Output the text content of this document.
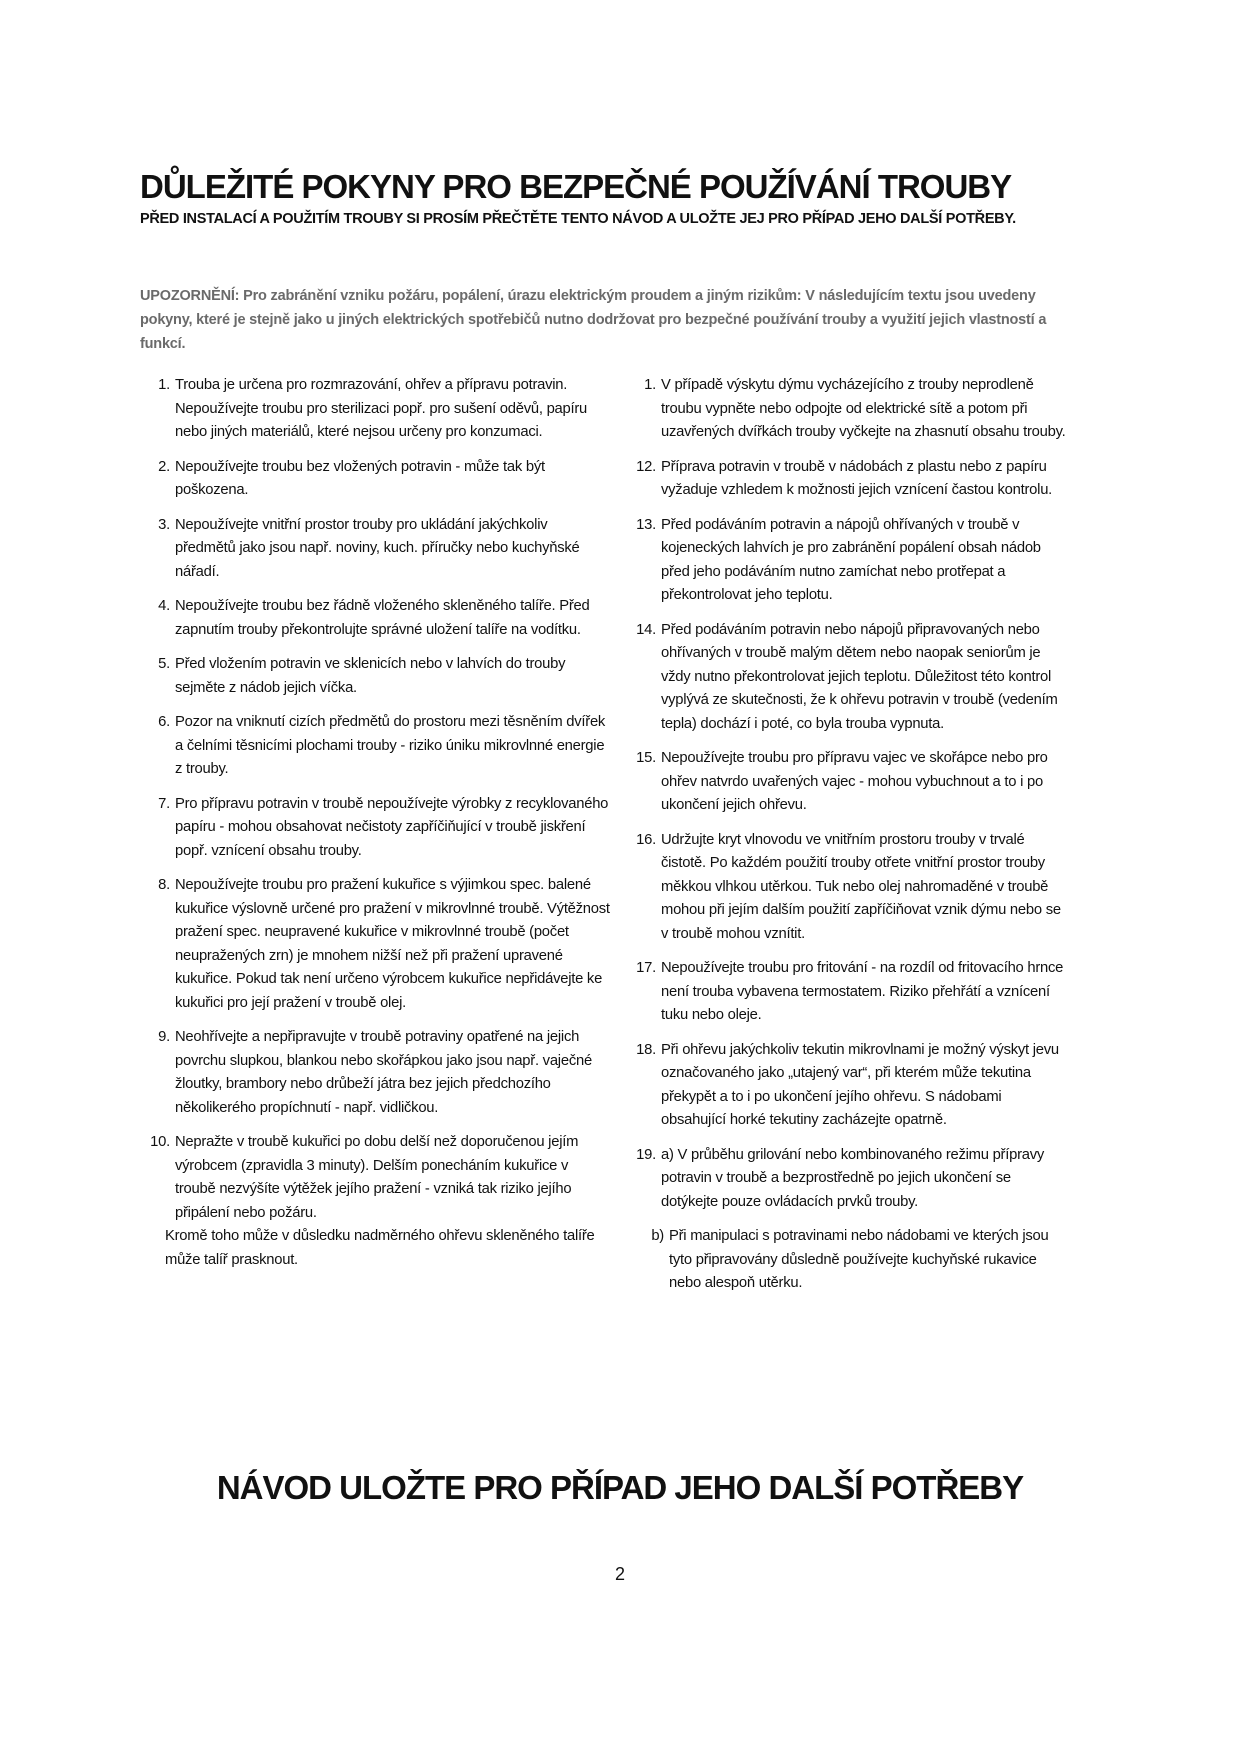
DŮLEŽITÉ POKYNY PRO BEZPEČNÉ POUŽÍVÁNÍ TROUBY
PŘED INSTALACÍ A POUŽITÍM TROUBY SI PROSÍM PŘEČTĚTE TENTO NÁVOD A ULOŽTE JEJ PRO PŘÍPAD JEHO DALŠÍ POTŘEBY.
UPOZORNĚNÍ: Pro zabránění vzniku požáru, popálení, úrazu elektrickým proudem a jiným rizikům: V následujícím textu jsou uvedeny pokyny, které je stejně jako u jiných elektrických spotřebičů nutno dodržovat pro bezpečné používání trouby a využití jejich vlastností a funkcí.
1. Trouba je určena pro rozmrazování, ohřev a přípravu potravin. Nepoužívejte troubu pro sterilizaci popř. pro sušení oděvů, papíru nebo jiných materiálů, které nejsou určeny pro konzumaci.
2. Nepoužívejte troubu bez vložených potravin - může tak být poškozena.
3. Nepoužívejte vnitřní prostor trouby pro ukládání jakýchkoliv předmětů jako jsou např. noviny, kuch. příručky nebo kuchyňské nářadí.
4. Nepoužívejte troubu bez řádně vloženého skleněného talíře. Před zapnutím trouby překontrolujte správné uložení talíře na vodítku.
5. Před vložením potravin ve sklenicích nebo v lahvích do trouby sejměte z nádob jejich víčka.
6. Pozor na vniknutí cizích předmětů do prostoru mezi těsněním dvířek a čelními těsnicími plochami trouby - riziko úniku mikrovlnné energie z trouby.
7. Pro přípravu potravin v troubě nepoužívejte výrobky z recyklovaného papíru - mohou obsahovat nečistoty zapříčiňující v troubě jiskření popř. vznícení obsahu trouby.
8. Nepoužívejte troubu pro pražení kukuřice s výjimkou spec. balené kukuřice výslovně určené pro pražení v mikrovlnné troubě. Výtěžnost pražení spec. neupravené kukuřice v mikrovlnné troubě (počet neupražených zrn) je mnohem nižší než při pražení upravené kukuřice. Pokud tak není určeno výrobcem kukuřice nepřidávejte ke kukuřici pro její pražení v troubě olej.
9. Neohřívejte a nepřipravujte v troubě potraviny opatřené na jejich povrchu slupkou, blankou nebo skořápkou jako jsou např. vaječné žloutky, brambory nebo drůbeží játra bez jejich předchozího několikerého propíchnutí - např. vidličkou.
10. Nepražte v troubě kukuřici po dobu delší než doporučenou jejím výrobcem (zpravidla 3 minuty). Delším ponecháním kukuřice v troubě nezvýšíte výtěžek jejího pražení - vzniká tak riziko jejího připálení nebo požáru.
Kromě toho může v důsledku nadměrného ohřevu skleněného talíře může talíř prasknout.
1. V případě výskytu dýmu vycházejícího z trouby neprodleně troubu vypněte nebo odpojte od elektrické sítě a potom při uzavřených dvířkách trouby vyčkejte na zhasnutí obsahu trouby.
12. Příprava potravin v troubě v nádobách z plastu nebo z papíru vyžaduje vzhledem k možnosti jejich vznícení častou kontrolu.
13. Před podáváním potravin a nápojů ohřívaných v troubě v kojeneckých lahvích je pro zabránění popálení obsah nádob před jeho podáváním nutno zamíchat nebo protřepat a překontrolovat jeho teplotu.
14. Před podáváním potravin nebo nápojů připravovaných nebo ohřívaných v troubě malým dětem nebo naopak seniorům je vždy nutno překontrolovat jejich teplotu. Důležitost této kontrol vyplývá ze skutečnosti, že k ohřevu potravin v troubě (vedením tepla) dochází i poté, co byla trouba vypnuta.
15. Nepoužívejte troubu pro přípravu vajec ve skořápce nebo pro ohřev natvrdo uvařených vajec - mohou vybuchnout a to i po ukončení jejich ohřevu.
16. Udržujte kryt vlnovodu ve vnitřním prostoru trouby v trvalé čistotě. Po každém použití trouby otřete vnitřní prostor trouby měkkou vlhkou utěrkou. Tuk nebo olej nahromaděné v troubě mohou při jejím dalším použití zapříčiňovat vznik dýmu nebo se v troubě mohou vznítit.
17. Nepoužívejte troubu pro fritování - na rozdíl od fritovacího hrnce není trouba vybavena termostatem. Riziko přehřátí a vznícení tuku nebo oleje.
18. Při ohřevu jakýchkoliv tekutin mikrovlnami je možný výskyt jevu označovaného jako „utajený var“, při kterém může tekutina překypět a to i po ukončení jejího ohřevu. S nádobami obsahující horké tekutiny zacházejte opatrně.
19. a) V průběhu grilování nebo kombinovaného režimu přípravy potravin v troubě a bezprostředně po jejich ukončení se dotýkejte pouze ovládacích prvků trouby.
b) Při manipulaci s potravinami nebo nádobami ve kterých jsou tyto připravovány důsledně používejte kuchyňské rukavice nebo alespoň utěrku.
NÁVOD ULOŽTE PRO PŘÍPAD JEHO DALŠÍ POTŘEBY
2
